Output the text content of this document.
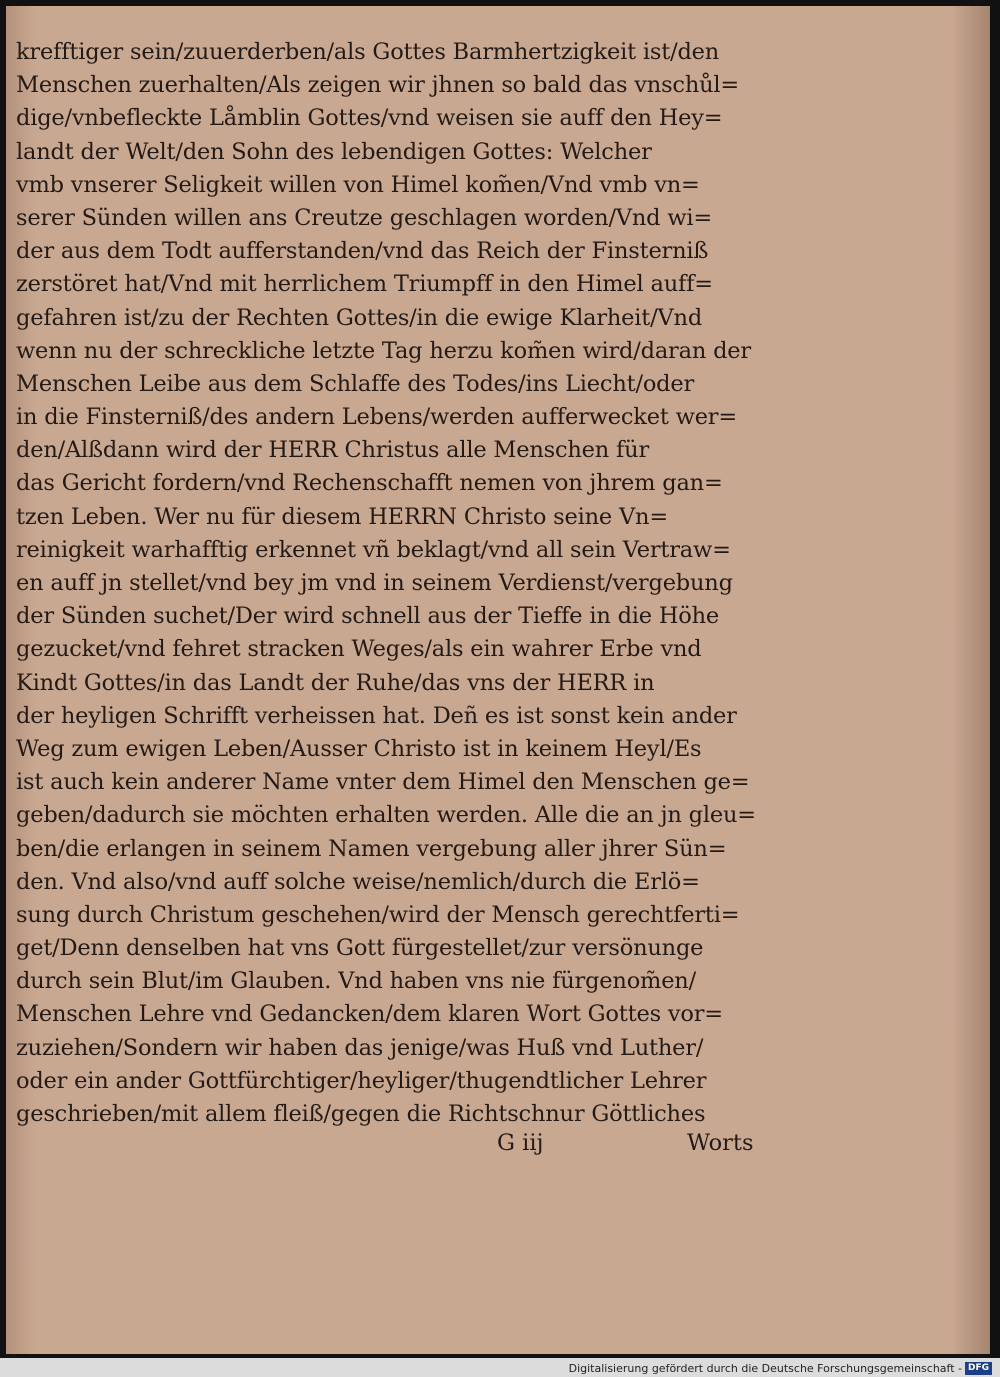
krefftiger sein/zuuerderben/als Gottes Barmhertzigkeit ist/den
Menschen zuerhalten/Als zeigen wir jhnen so bald das vnschůl=
dige/vnbefleckte Låmblin Gottes/vnd weisen sie auff den Hey=
landt der Welt/den Sohn des lebendigen Gottes: Welcher
vmb vnserer Seligkeit willen von Himel kom̃en/Vnd vmb vn=
serer Sünden willen ans Creutze geschlagen worden/Vnd wi=
der aus dem Todt aufferstanden/vnd das Reich der Finsterniß
zerstöret hat/Vnd mit herrlichem Triumpff in den Himel auff=
gefahren ist/zu der Rechten Gottes/in die ewige Klarheit/Vnd
wenn nu der schreckliche letzte Tag herzu kom̃en wird/daran der
Menschen Leibe aus dem Schlaffe des Todes/ins Liecht/oder
in die Finsterniß/des andern Lebens/werden aufferwecket wer=
den/Alßdann wird der HERR Christus alle Menschen für
das Gericht fordern/vnd Rechenschafft nemen von jhrem gan=
tzen Leben. Wer nu für diesem HERRN Christo seine Vn=
reinigkeit warhafftig erkennet vñ beklagt/vnd all sein Vertraw=
en auff jn stellet/vnd bey jm vnd in seinem Verdienst/vergebung
der Sünden suchet/Der wird schnell aus der Tieffe in die Höhe
gezucket/vnd fehret stracken Weges/als ein wahrer Erbe vnd
Kindt Gottes/in das Landt der Ruhe/das vns der HERR in
der heyligen Schrifft verheissen hat. Deñ es ist sonst kein ander
Weg zum ewigen Leben/Ausser Christo ist in keinem Heyl/Es
ist auch kein anderer Name vnter dem Himel den Menschen ge=
geben/dadurch sie möchten erhalten werden. Alle die an jn gleu=
ben/die erlangen in seinem Namen vergebung aller jhrer Sün=
den. Vnd also/vnd auff solche weise/nemlich/durch die Erlö=
sung durch Christum geschehen/wird der Mensch gerechtferti=
get/Denn denselben hat vns Gott fürgestellet/zur versönunge
durch sein Blut/im Glauben. Vnd haben vns nie fürgenom̃en/
Menschen Lehre vnd Gedancken/dem klaren Wort Gottes vor=
zuziehen/Sondern wir haben das jenige/was Huß vnd Luther/
oder ein ander Gottfürchtiger/heyliger/thugendtlicher Lehrer
geschrieben/mit allem fleiß/gegen die Richtschnur Göttliches
G iij	Worts
Digitalisierung gefördert durch die Deutsche Forschungsgemeinschaft - DFG
